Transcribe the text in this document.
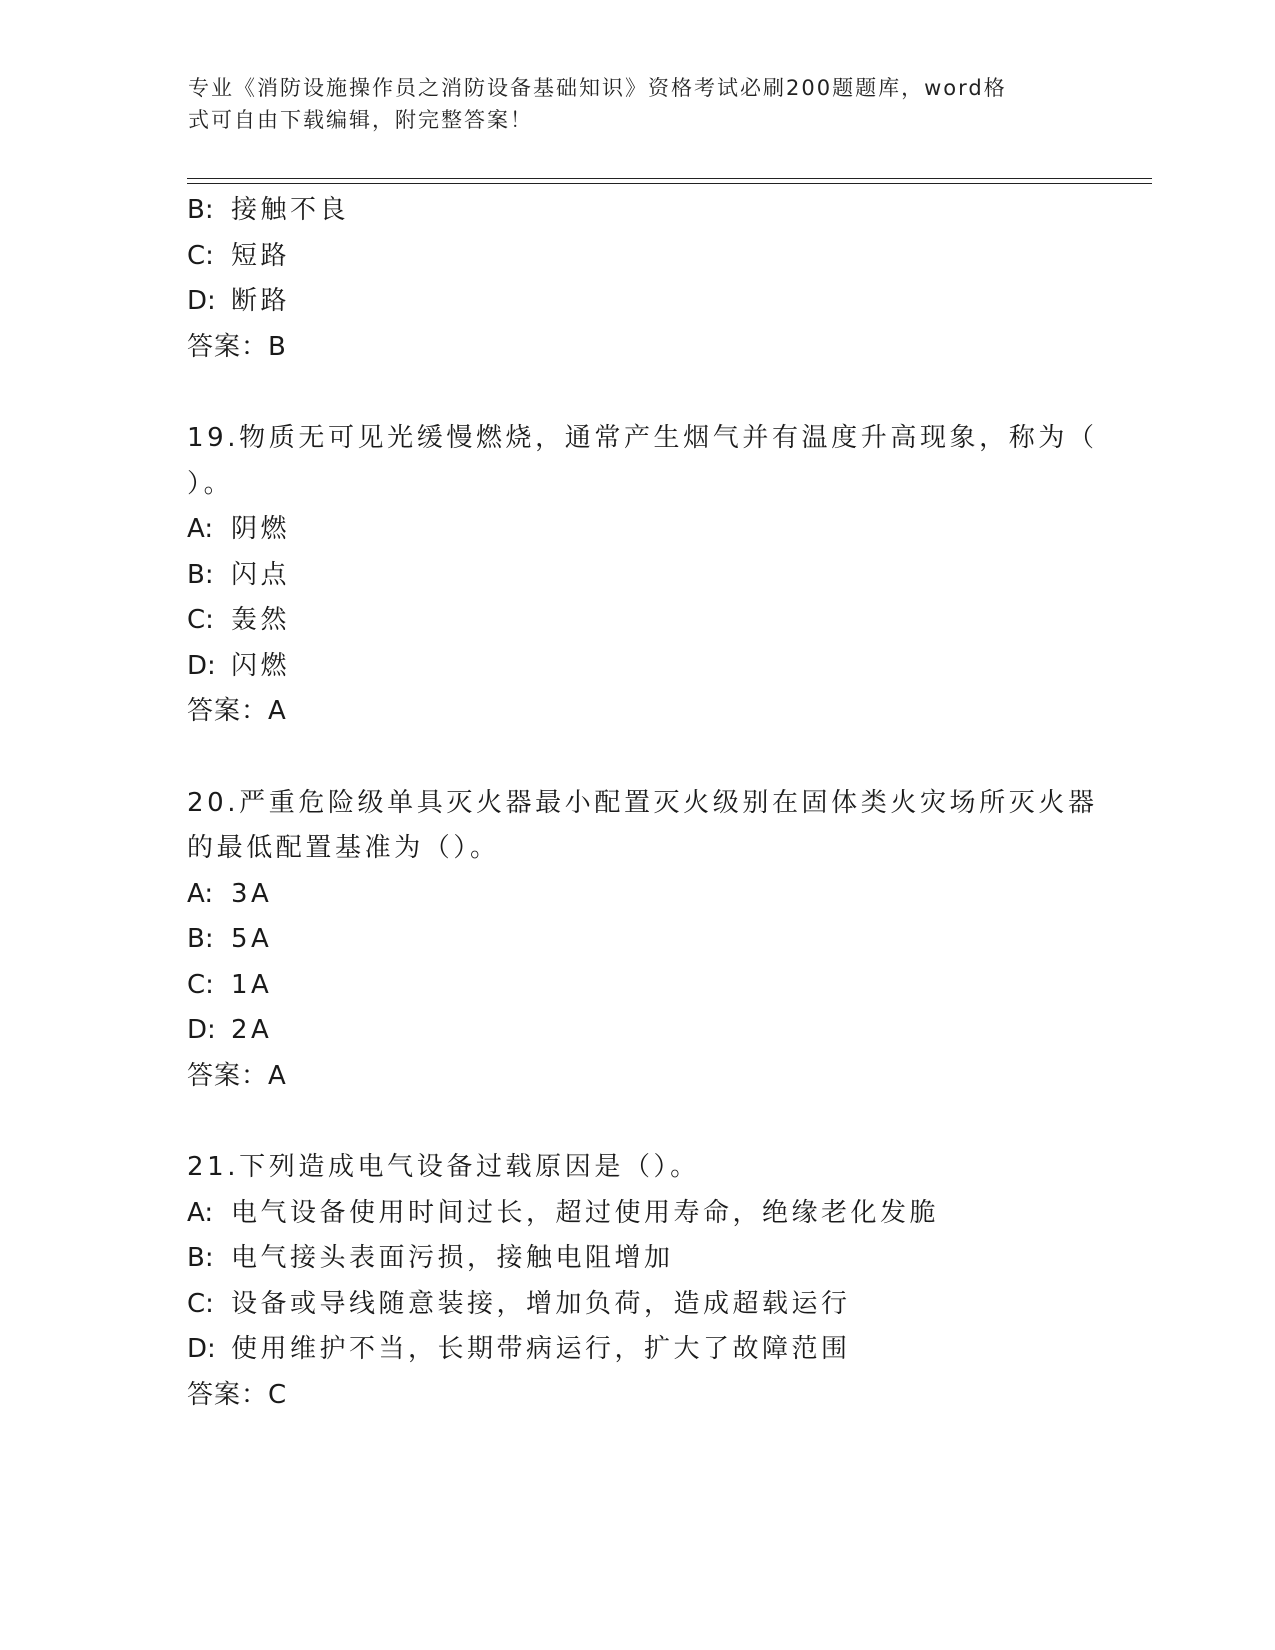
专业《消防设施操作员之消防设备基础知识》资格考试必刷200题题库，word格
式可自由下载编辑，附完整答案！
B: 接触不良
C: 短路
D: 断路
答案：B
19.物质无可见光缓慢燃烧，通常产生烟气并有温度升高现象，称为（
）。
A: 阴燃
B: 闪点
C: 轰然
D: 闪燃
答案：A
20.严重危险级单具灭火器最小配置灭火级别在固体类火灾场所灭火器
的最低配置基准为（）。
A: 3A
B: 5A
C: 1A
D: 2A
答案：A
21.下列造成电气设备过载原因是（）。
A: 电气设备使用时间过长，超过使用寿命，绝缘老化发脆
B: 电气接头表面污损，接触电阻增加
C: 设备或导线随意装接，增加负荷，造成超载运行
D: 使用维护不当，长期带病运行，扩大了故障范围
答案：C
